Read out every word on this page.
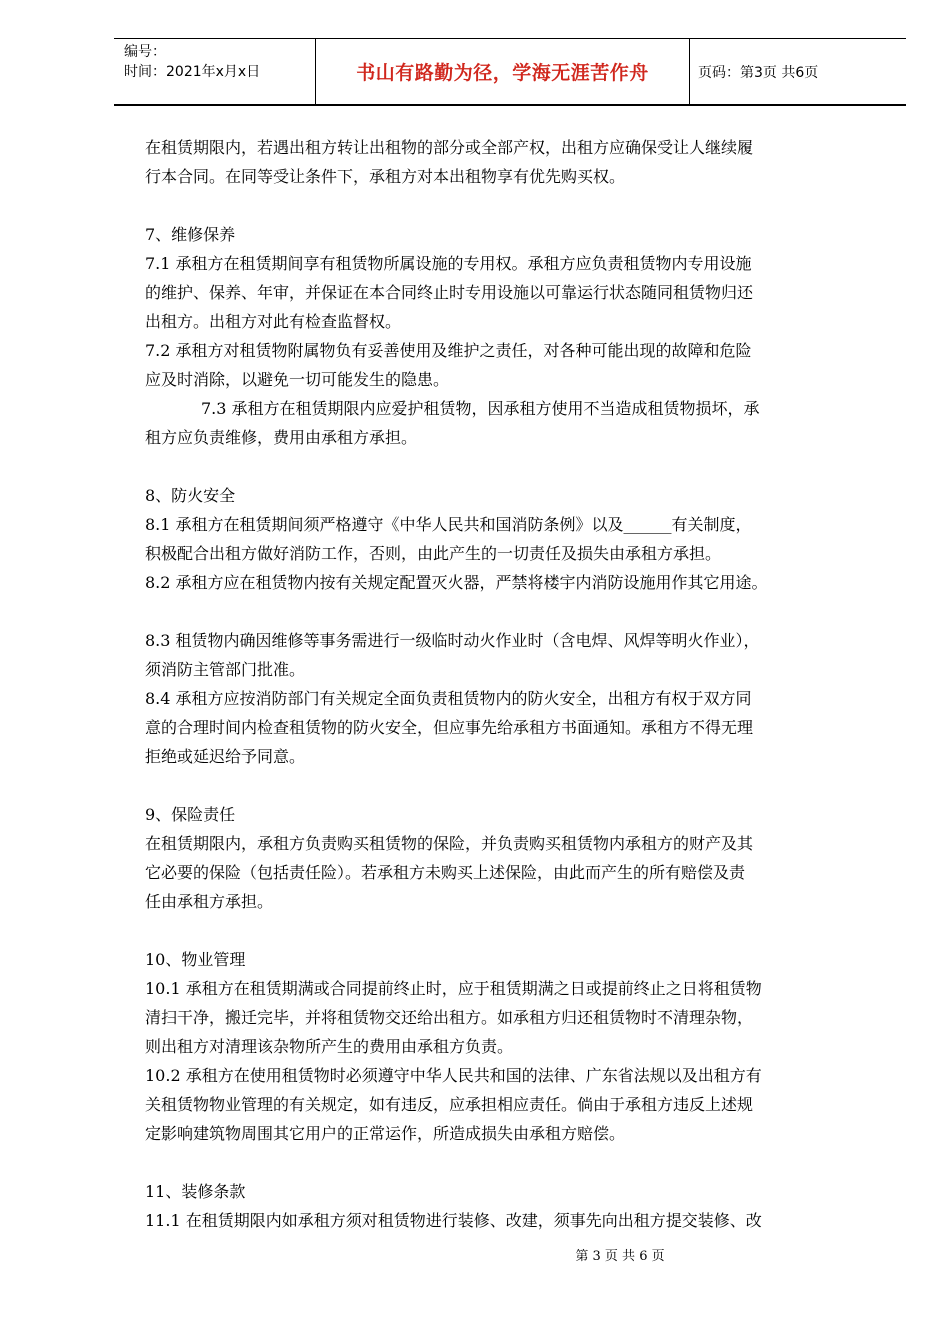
编号：
时间：2021年x月x日	书山有路勤为径，学海无涯苦作舟	页码：第3页 共6页

在租赁期限内，若遇出租方转让出租物的部分或全部产权，出租方应确保受让人继续履

行本合同。在同等受让条件下，承租方对本出租物享有优先购买权。

7、维修保养

7.1 承租方在租赁期间享有租赁物所属设施的专用权。承租方应负责租赁物内专用设施

的维护、保养、年审，并保证在本合同终止时专用设施以可靠运行状态随同租赁物归还

出租方。出租方对此有检查监督权。

7.2 承租方对租赁物附属物负有妥善使用及维护之责任，对各种可能出现的故障和危险

应及时消除，以避免一切可能发生的隐患。

7.3 承租方在租赁期限内应爱护租赁物，因承租方使用不当造成租赁物损坏，承

租方应负责维修，费用由承租方承担。

8、防火安全

8.1 承租方在租赁期间须严格遵守《中华人民共和国消防条例》以及______有关制度，

积极配合出租方做好消防工作，否则，由此产生的一切责任及损失由承租方承担。

8.2 承租方应在租赁物内按有关规定配置灭火器，严禁将楼宇内消防设施用作其它用途。

8.3 租赁物内确因维修等事务需进行一级临时动火作业时（含电焊、风焊等明火作业），

须消防主管部门批准。

8.4 承租方应按消防部门有关规定全面负责租赁物内的防火安全，出租方有权于双方同

意的合理时间内检查租赁物的防火安全，但应事先给承租方书面通知。承租方不得无理

拒绝或延迟给予同意。

9、保险责任

在租赁期限内，承租方负责购买租赁物的保险，并负责购买租赁物内承租方的财产及其

它必要的保险（包括责任险）。若承租方未购买上述保险，由此而产生的所有赔偿及责

任由承租方承担。

10、物业管理

10.1 承租方在租赁期满或合同提前终止时，应于租赁期满之日或提前终止之日将租赁物

清扫干净，搬迁完毕，并将租赁物交还给出租方。如承租方归还租赁物时不清理杂物，

则出租方对清理该杂物所产生的费用由承租方负责。

10.2 承租方在使用租赁物时必须遵守中华人民共和国的法律、广东省法规以及出租方有

关租赁物物业管理的有关规定，如有违反，应承担相应责任。倘由于承租方违反上述规

定影响建筑物周围其它用户的正常运作，所造成损失由承租方赔偿。

11、装修条款

11.1 在租赁期限内如承租方须对租赁物进行装修、改建，须事先向出租方提交装修、改

第 3 页 共 6 页
